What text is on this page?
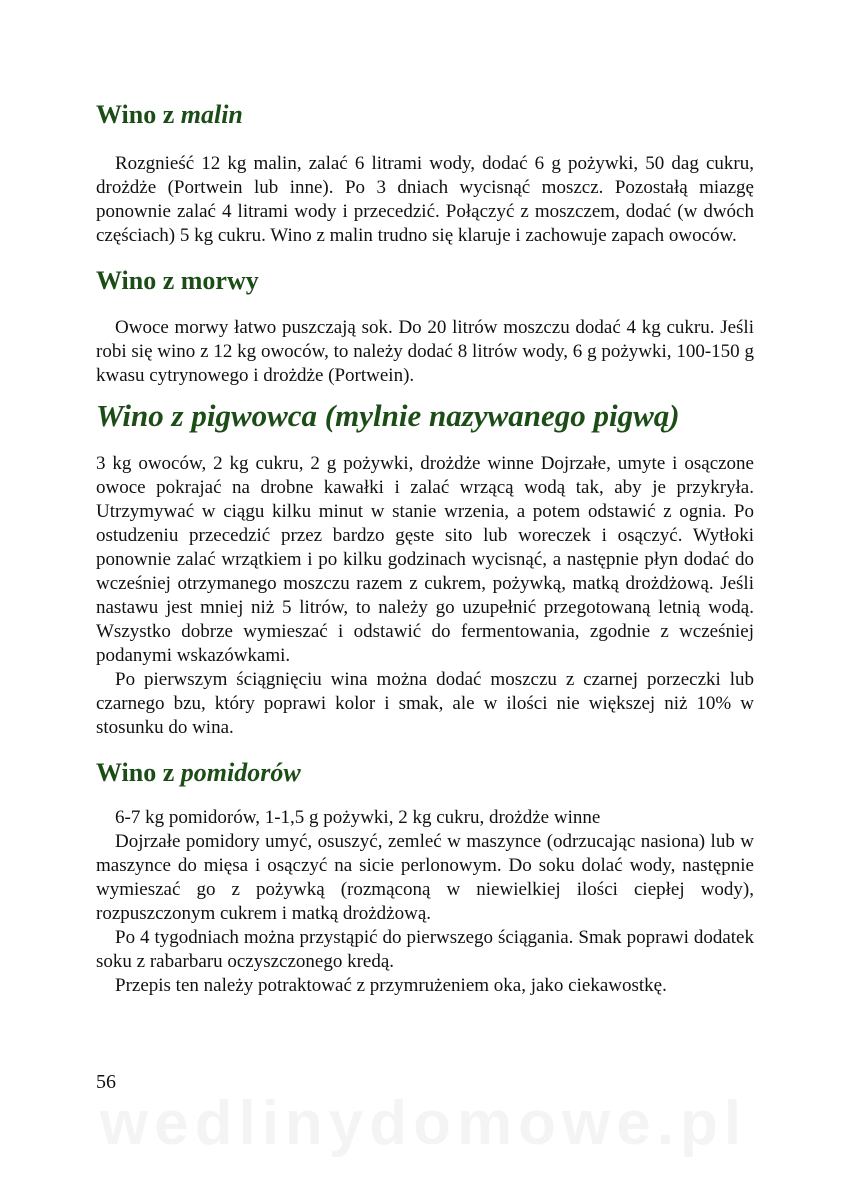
Wino z malin

Rozgnieść 12 kg malin, zalać 6 litrami wody, dodać 6 g pożywki, 50 dag cukru, drożdże (Portwein lub inne). Po 3 dniach wycisnąć moszcz. Pozostałą miazgę ponownie zalać 4 litrami wody i przecedzić. Połączyć z moszczem, dodać (w dwóch częściach) 5 kg cukru. Wino z malin trudno się klaruje i zachowuje zapach owoców.

Wino z morwy

Owoce morwy łatwo puszczają sok. Do 20 litrów moszczu dodać 4 kg cukru. Jeśli robi się wino z 12 kg owoców, to należy dodać 8 litrów wody, 6 g pożywki, 100-150 g kwasu cytrynowego i drożdże (Portwein).

Wino z pigwowca (mylnie nazywanego pigwą)

3 kg owoców, 2 kg cukru, 2 g pożywki, drożdże winne Dojrzałe, umyte i osączone owoce pokrajać na drobne kawałki i zalać wrzącą wodą tak, aby je przykryła. Utrzymywać w ciągu kilku minut w stanie wrzenia, a potem odstawić z ognia. Po ostudzeniu przecedzić przez bardzo gęste sito lub woreczek i osączyć. Wytłoki ponownie zalać wrzątkiem i po kilku godzinach wycisnąć, a następnie płyn dodać do wcześniej otrzymanego moszczu razem z cukrem, pożywką, matką drożdżową. Jeśli nastawu jest mniej niż 5 litrów, to należy go uzupełnić przegotowaną letnią wodą. Wszystko dobrze wymieszać i odstawić do fermentowania, zgodnie z wcześniej podanymi wskazówkami.

Po pierwszym ściągnięciu wina można dodać moszczu z czarnej porzeczki lub czarnego bzu, który poprawi kolor i smak, ale w ilości nie większej niż 10% w stosunku do wina.

Wino z pomidorów

6-7 kg pomidorów, 1-1,5 g pożywki, 2 kg cukru, drożdże winne

Dojrzałe pomidory umyć, osuszyć, zemleć w maszynce (odrzucając nasiona) lub w maszynce do mięsa i osączyć na sicie perlonowym. Do soku dolać wody, następnie wymieszać go z pożywką (rozmąconą w niewielkiej ilości ciepłej wody), rozpuszczonym cukrem i matką drożdżową.

Po 4 tygodniach można przystąpić do pierwszego ściągania. Smak poprawi dodatek soku z rabarbaru oczyszczonego kredą.

Przepis ten należy potraktować z przymrużeniem oka, jako ciekawostkę.

56
